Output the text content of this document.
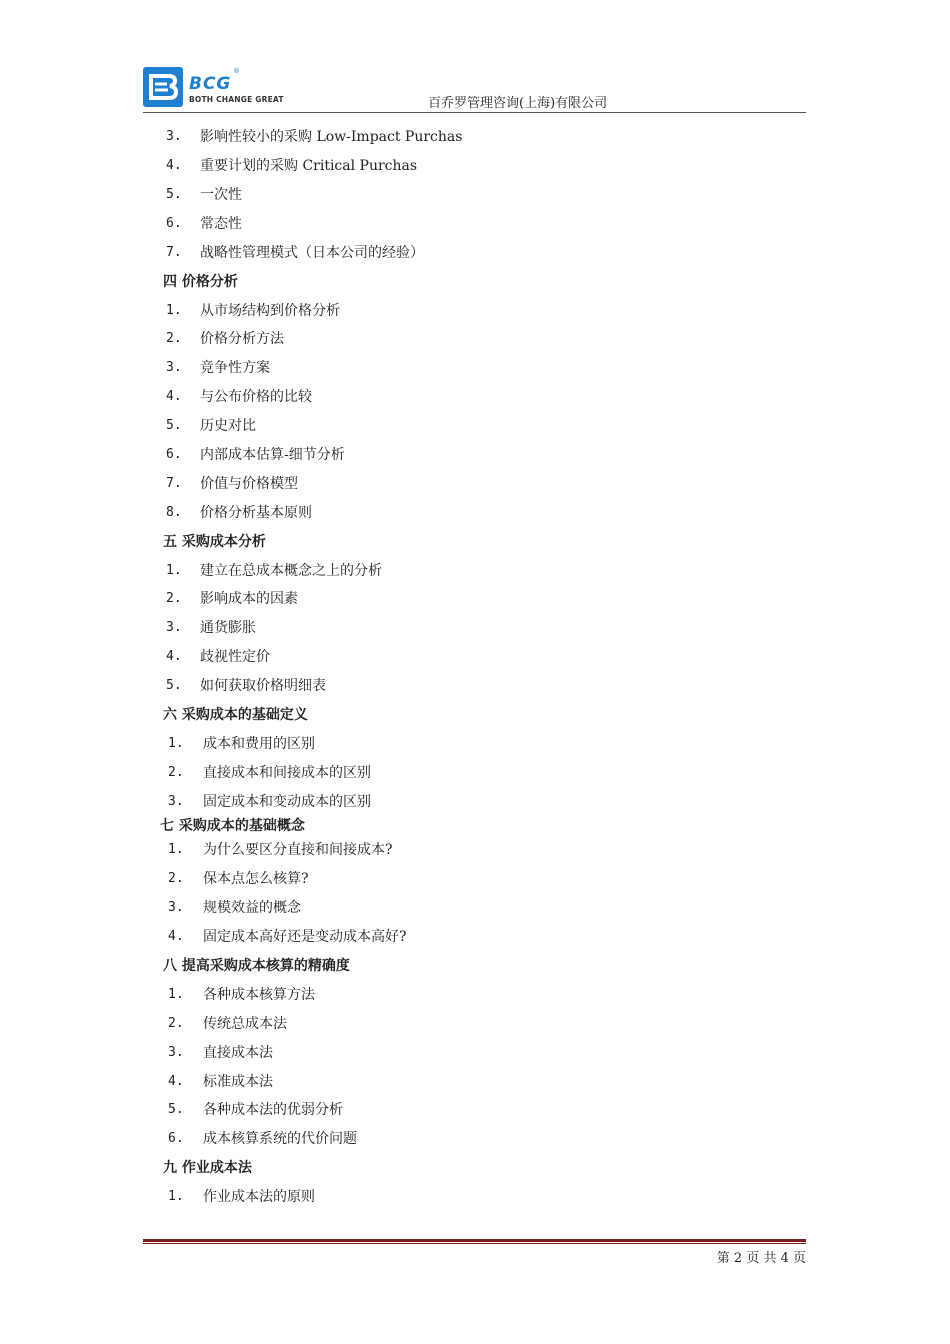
BCG
®
BOTH CHANGE GREAT	百乔罗管理咨询(上海)有限公司
3. 影响性较小的采购 Low-Impact Purchas
4. 重要计划的采购 Critical Purchas
5. 一次性
6. 常态性
7. 战略性管理模式（日本公司的经验）
四 价格分析
1. 从市场结构到价格分析
2. 价格分析方法
3. 竞争性方案
4. 与公布价格的比较
5. 历史对比
6. 内部成本估算-细节分析
7. 价值与价格模型
8. 价格分析基本原则
五 采购成本分析
1. 建立在总成本概念之上的分析
2. 影响成本的因素
3. 通货膨胀
4. 歧视性定价
5. 如何获取价格明细表
六 采购成本的基础定义
1. 成本和费用的区别
2. 直接成本和间接成本的区别
3. 固定成本和变动成本的区别
七 采购成本的基础概念
1. 为什么要区分直接和间接成本?
2. 保本点怎么核算?
3. 规模效益的概念
4. 固定成本高好还是变动成本高好?
八 提高采购成本核算的精确度
1. 各种成本核算方法
2. 传统总成本法
3. 直接成本法
4. 标准成本法
5. 各种成本法的优弱分析
6. 成本核算系统的代价问题
九 作业成本法
1. 作业成本法的原则
第 2 页 共 4 页
